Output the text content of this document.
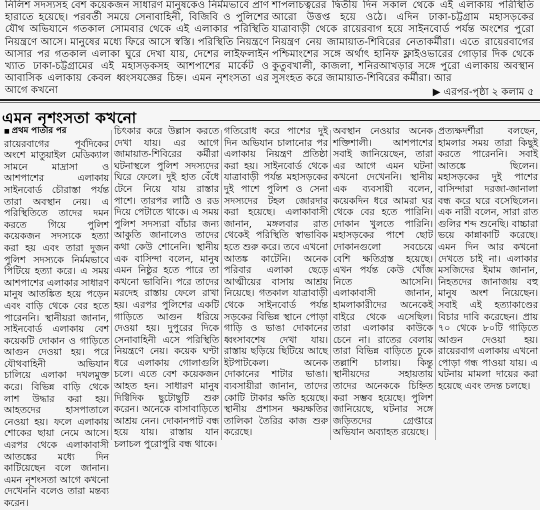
নিলিশ সদস্যসহ বেশ কয়েকজন সাধারণ মানুষকেও নির্মমভাবে প্রাণ হারাতে হয়েছে। পরবর্তী সময়ে সেনাবাহিনী, বিজিবি ও পুলিশের যৌথ অভিযানে গতকাল সোমবার থেকে এই এলাকার পরিস্থিতি নিয়ন্ত্রণে আসে। মানুষের মধ্যে ফিরে আসে স্বস্তি। পরিস্থিতি নিয়ন্ত্রণে আসার পর গতকাল এলাকা ঘুরে দেখা যায়, দেশের লাইফলাইন খ্যাত ঢাকা-চট্টগ্রামের এই মহাসড়কসহ আশপাশের মার্কেট ও আবাসিক এলাকায় কেবল ধ্বংসযজ্ঞের চিহ্ন। এমন নৃশংসতা এর আগে কখনো

শাপলাচত্বরের দ্বিতীয় দিন সকাল থেকে এই এলাকায় পরিস্থিতি আরো উত্তপ্ত হয়ে ওঠে। এদিন ঢাকা-চট্টগ্রাম মহাসড়কের যাত্রাবাড়ী থেকে রায়েরবাগ হয়ে সাইনবোর্ড পর্যন্ত অংশের পুরো নিয়ন্ত্রণ নেয় জামায়াত-শিবিরের নেতাকর্মীরা। এতে রায়েরবাগের পশ্চিমাংশের সঙ্গে অর্থাৎ হানিফ ফ্লাইওভারের গোড়ার দিক থেকে কুতুবখালী, কাজলা, শনিরআখড়ার সঙ্গে পুরো এলাকায় অবস্থান সুসংহত করে জামায়াত-শিবিরের কর্মীরা। আর

▶ এরপর-পৃষ্ঠা ২ কলাম ৫
এমন নৃশংসতা কখনো
■ প্রথম পাতার পর

রায়েরবাগের পূর্বদিকের অংশে মাতুয়াইল মেডিক্যাল সামনে মাদ্রাসা ও আশপাশের এলাকায় সাইনবোর্ড চৌরাস্তা পর্যন্ত তারা অবস্থান নেয়। এ পরিস্থিতিতে তাদের দমন করতে গিয়ে পুলিশ কয়েকজন সদস্যকে হত্যা করা হয় এবং তারা দুজন পুলিশ সদস্যকে নির্মমভাবে পিটিয়ে হত্যা করে। এ সময় আশপাশের এলাকার সাধারণ মানুষ আতঙ্কিত হয়ে পড়েন এবং বাড়ি থেকে বের হতে পারেননি। স্থানীয়রা জানান, সাইনবোর্ড এলাকায় বেশ কয়েকটি দোকান ও গাড়িতে আগুন দেওয়া হয়। পরে যৌথবাহিনী অভিযান চালিয়ে এলাকা দখলমুক্ত করে। বিভিন্ন বাড়ি থেকে লাশ উদ্ধার করা হয়। আহতদের হাসপাতালে নেওয়া হয়। ফলে এলাকায় শোকের ছায়া নেমে আসে। এরপর থেকে এলাকাবাসী আতঙ্কের মধ্যে দিন কাটিয়েছেন বলে জানান। এমন নৃশংসতা আগে কখনো দেখেননি বলেও তারা মন্তব্য করেন।

চিৎকার করে উল্লাস করতে দেখা যায়। এর আগে জামায়াত-শিবিরের কর্মীরা ঘটনাস্থলে পুলিশ সদস্যদের ঘিরে ফেলে। দুই হাত বেঁধে টেনে নিয়ে যায় রাস্তার পাশে। তারপর লাঠি ও রড দিয়ে পেটাতে থাকে। এ সময় পুলিশ সদস্যরা বাঁচার জন্য আকুতি জানালেও তাদের কথা কেউ শোনেনি। স্থানীয় এক বাসিন্দা বলেন, মানুষ এমন নিষ্ঠুর হতে পারে তা কখনো ভাবিনি। পরে তাদের মরদেহ রাস্তায় ফেলে রাখা হয়। এরপর পুলিশের একটি গাড়িতে আগুন ধরিয়ে দেওয়া হয়। দুপুরের দিকে সেনাবাহিনী এসে পরিস্থিতি নিয়ন্ত্রণে নেয়। কয়েক ঘণ্টা ধরে এলাকায় গোলাগুলি চলে। এতে বেশ কয়েকজন আহত হন। সাধারণ মানুষ দিগ্বিদিক ছুটোছুটি শুরু করেন। অনেকে বাসাবাড়িতে আশ্রয় নেন। দোকানপাট বন্ধ হয়ে যায়। রাস্তায় যান চলাচল পুরোপুরি বন্ধ থাকে।

গতিরোধ করে পাশের দুই দিন অভিযান চালানোর পর এলাকায় নিয়ন্ত্রণ প্রতিষ্ঠা করা হয়। সাইনবোর্ড থেকে যাত্রাবাড়ী পর্যন্ত মহাসড়কের দুই পাশে পুলিশ ও সেনা সদস্যদের টহল জোরদার করা হয়েছে। এলাকাবাসী জানান, মঙ্গলবার রাত থেকেই পরিস্থিতি স্বাভাবিক হতে শুরু করে। তবে এখনো আতঙ্ক কাটেনি। অনেক পরিবার এলাকা ছেড়ে আত্মীয়ের বাসায় আশ্রয় নিয়েছে। গতকাল যাত্রাবাড়ী থেকে সাইনবোর্ড পর্যন্ত সড়কের বিভিন্ন স্থানে পোড়া গাড়ি ও ভাঙা দোকানের ধ্বংসাবশেষ দেখা যায়। রাস্তায় ছড়িয়ে ছিটিয়ে আছে ইটপাটকেল। অনেক দোকানের শাটার ভাঙা। ব্যবসায়ীরা জানান, তাদের কোটি টাকার ক্ষতি হয়েছে। স্থানীয় প্রশাসন ক্ষয়ক্ষতির তালিকা তৈরির কাজ শুরু করেছে।

অবস্থান নেওয়ার অনেক শক্তিশালী। আশপাশের সবাই জানিয়েছেন, তারা এর আগে এমন ঘটনা কখনো দেখেননি। স্থানীয় এক ব্যবসায়ী বলেন, কয়েকদিন ধরে আমরা ঘর থেকে বের হতে পারিনি। দোকান খুলতে পারিনি। মহাসড়কের পাশে ছোট দোকানগুলো সবচেয়ে বেশি ক্ষতিগ্রস্ত হয়েছে। এখন পর্যন্ত কেউ খোঁজ নিতে আসেনি। এলাকাবাসী জানান, হামলাকারীদের অনেকেই বাইরে থেকে এসেছিল। তারা এলাকার কাউকে চেনে না। রাতের বেলায় তারা বিভিন্ন বাড়িতে ঢুকে তল্লাশি চালায়। কিন্তু স্থানীয়দের সহায়তায় তাদের অনেককে চিহ্নিত করা সম্ভব হয়েছে। পুলিশ জানিয়েছে, ঘটনার সঙ্গে জড়িতদের গ্রেপ্তারে অভিযান অব্যাহত রয়েছে।

প্রত্যক্ষদর্শীরা বলছেন, হামলার সময় তারা কিছুই করতে পারেননি। সবাই আতঙ্কে ছিলেন। মহাসড়কের দুই পাশের বাসিন্দারা দরজা-জানালা বন্ধ করে ঘরে বসেছিলেন। এক নারী বলেন, সারা রাত গুলির শব্দ শুনেছি। বাচ্চারা ভয়ে কান্নাকাটি করেছে। এমন দিন আর কখনো দেখতে চাই না। এলাকার মসজিদের ইমাম জানান, নিহতদের জানাজায় বহু মানুষ অংশ নিয়েছেন। সবাই এই হত্যাকাণ্ডের বিচার দাবি করেছেন। প্রায় ৭০ থেকে ৮০টি গাড়িতে আগুন দেওয়া হয়। রায়েরবাগ এলাকায় এখনো পোড়া গন্ধ পাওয়া যায়। এ ঘটনায় মামলা দায়ের করা হয়েছে এবং তদন্ত চলছে।
